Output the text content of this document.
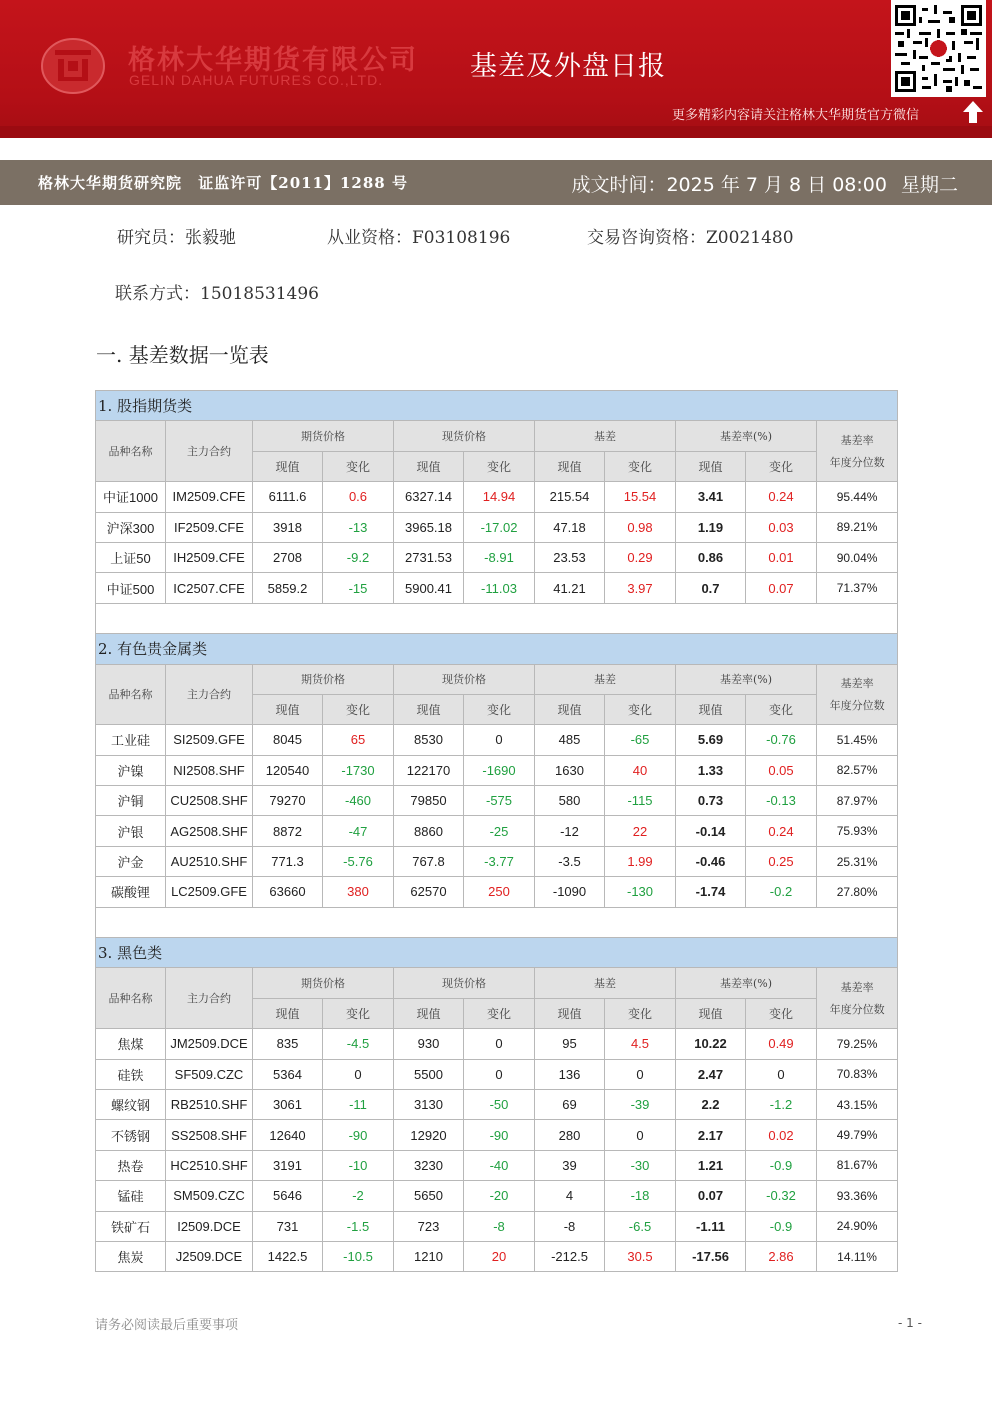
格林大华期货有限公司
GELIN DAHUA FUTURES CO.,LTD.	基差及外盘日报
更多精彩内容请关注格林大华期货官方微信
格林大华期货研究院 证监许可【2011】1288 号	成文时间：2025 年 7 月 8 日 08:00 星期二
研究员：张毅驰	从业资格：F03108196	交易咨询资格：Z0021480
联系方式：15018531496
一. 基差数据一览表
1. 股指期货类										
品种名称	主力合约	期货价格		现货价格		基差		基差率(%)		基差率
年度分位数

		现值	变化	现值	变化	现值	变化	现值	变化	
中证1000	IM2509.CFE	6111.6	0.6	6327.14	14.94	215.54	15.54	3.41	0.24	95.44%
沪深300	IF2509.CFE	3918	-13	3965.18	-17.02	47.18	0.98	1.19	0.03	89.21%
上证50	IH2509.CFE	2708	-9.2	2731.53	-8.91	23.53	0.29	0.86	0.01	90.04%
中证500	IC2507.CFE	5859.2	-15	5900.41	-11.03	41.21	3.97	0.7	0.07	71.37%

2. 有色贵金属类										
品种名称	主力合约	期货价格		现货价格		基差		基差率(%)		基差率
年度分位数

		现值	变化	现值	变化	现值	变化	现值	变化	
工业硅	SI2509.GFE	8045	65	8530	0	485	-65	5.69	-0.76	51.45%
沪镍	NI2508.SHF	120540	-1730	122170	-1690	1630	40	1.33	0.05	82.57%
沪铜	CU2508.SHF	79270	-460	79850	-575	580	-115	0.73	-0.13	87.97%
沪银	AG2508.SHF	8872	-47	8860	-25	-12	22	-0.14	0.24	75.93%
沪金	AU2510.SHF	771.3	-5.76	767.8	-3.77	-3.5	1.99	-0.46	0.25	25.31%
碳酸锂	LC2509.GFE	63660	380	62570	250	-1090	-130	-1.74	-0.2	27.80%

3. 黑色类										
品种名称	主力合约	期货价格		现货价格		基差		基差率(%)		基差率
年度分位数

		现值	变化	现值	变化	现值	变化	现值	变化	
焦煤	JM2509.DCE	835	-4.5	930	0	95	4.5	10.22	0.49	79.25%
硅铁	SF509.CZC	5364	0	5500	0	136	0	2.47	0	70.83%
螺纹钢	RB2510.SHF	3061	-11	3130	-50	69	-39	2.2	-1.2	43.15%
不锈钢	SS2508.SHF	12640	-90	12920	-90	280	0	2.17	0.02	49.79%
热卷	HC2510.SHF	3191	-10	3230	-40	39	-30	1.21	-0.9	81.67%
锰硅	SM509.CZC	5646	-2	5650	-20	4	-18	0.07	-0.32	93.36%
铁矿石	I2509.DCE	731	-1.5	723	-8	-8	-6.5	-1.11	-0.9	24.90%
焦炭	J2509.DCE	1422.5	-10.5	1210	20	-212.5	30.5	-17.56	2.86	14.11%
请务必阅读最后重要事项	- 1 -
